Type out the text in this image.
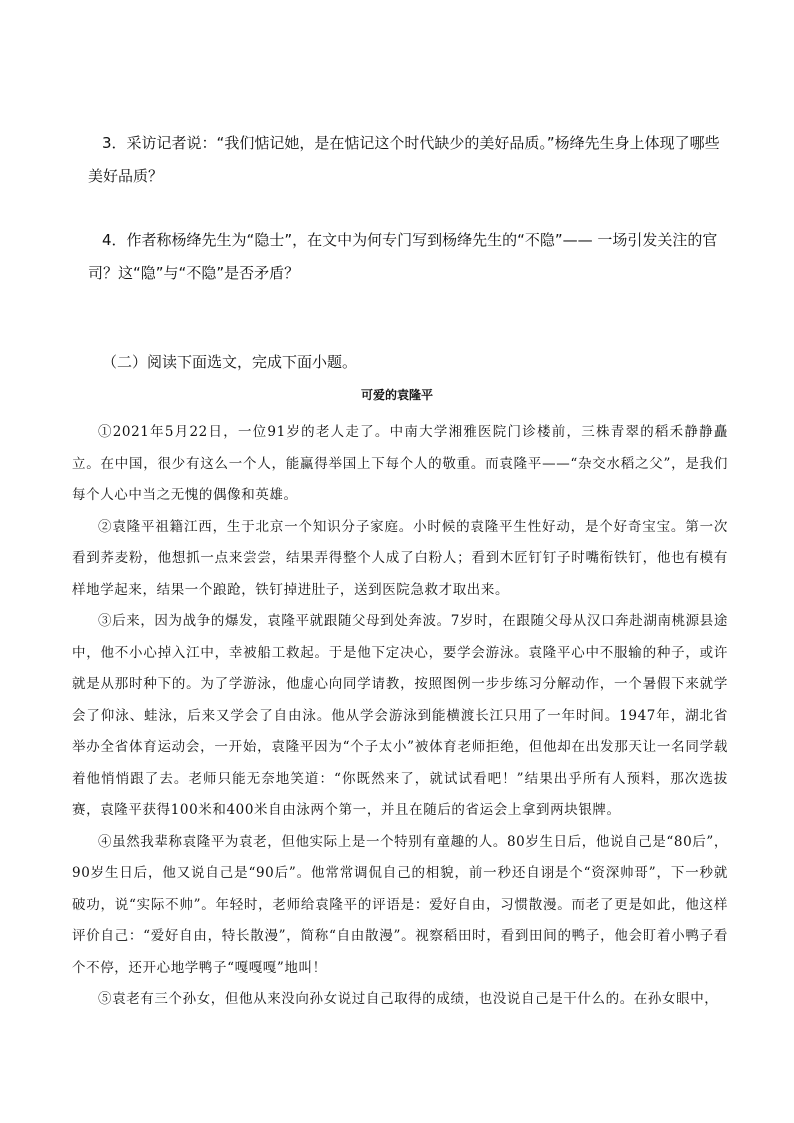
3．采访记者说：“我们惦记她，是在惦记这个时代缺少的美好品质。”杨绛先生身上体现了哪些美好品质？

4．作者称杨绛先生为“隐士”，在文中为何专门写到杨绛先生的“不隐”—— 一场引发关注的官司？这“隐”与“不隐”是否矛盾？

（二）阅读下面选文，完成下面小题。

可爱的袁隆平

①2021年5月22日，一位91岁的老人走了。中南大学湘雅医院门诊楼前，三株青翠的稻禾静静矗立。在中国，很少有这么一个人，能赢得举国上下每个人的敬重。而袁隆平——“杂交水稻之父”，是我们每个人心中当之无愧的偶像和英雄。

②袁隆平祖籍江西，生于北京一个知识分子家庭。小时候的袁隆平生性好动，是个好奇宝宝。第一次看到荞麦粉，他想抓一点来尝尝，结果弄得整个人成了白粉人；看到木匠钉钉子时嘴衔铁钉，他也有模有样地学起来，结果一个踉跄，铁钉掉进肚子，送到医院急救才取出来。

③后来，因为战争的爆发，袁隆平就跟随父母到处奔波。7岁时，在跟随父母从汉口奔赴湖南桃源县途中，他不小心掉入江中，幸被船工救起。于是他下定决心，要学会游泳。袁隆平心中不服输的种子，或许就是从那时种下的。为了学游泳，他虚心向同学请教，按照图例一步步练习分解动作，一个暑假下来就学会了仰泳、蛙泳，后来又学会了自由泳。他从学会游泳到能横渡长江只用了一年时间。1947年，湖北省举办全省体育运动会，一开始，袁隆平因为“个子太小”被体育老师拒绝，但他却在出发那天让一名同学载着他悄悄跟了去。老师只能无奈地笑道：“你既然来了，就试试看吧！”结果出乎所有人预料，那次选拔赛，袁隆平获得100米和400米自由泳两个第一，并且在随后的省运会上拿到两块银牌。

④虽然我辈称袁隆平为袁老，但他实际上是一个特别有童趣的人。80岁生日后，他说自己是“80后”，90岁生日后，他又说自己是“90后”。他常常调侃自己的相貌，前一秒还自诩是个“资深帅哥”，下一秒就破功，说“实际不帅”。年轻时，老师给袁隆平的评语是：爱好自由，习惯散漫。而老了更是如此，他这样评价自己：“爱好自由，特长散漫”，简称“自由散漫”。视察稻田时，看到田间的鸭子，他会盯着小鸭子看个不停，还开心地学鸭子“嘎嘎嘎”地叫！

⑤袁老有三个孙女，但他从来没向孙女说过自己取得的成绩，也没说自己是干什么的。在孙女眼中，
